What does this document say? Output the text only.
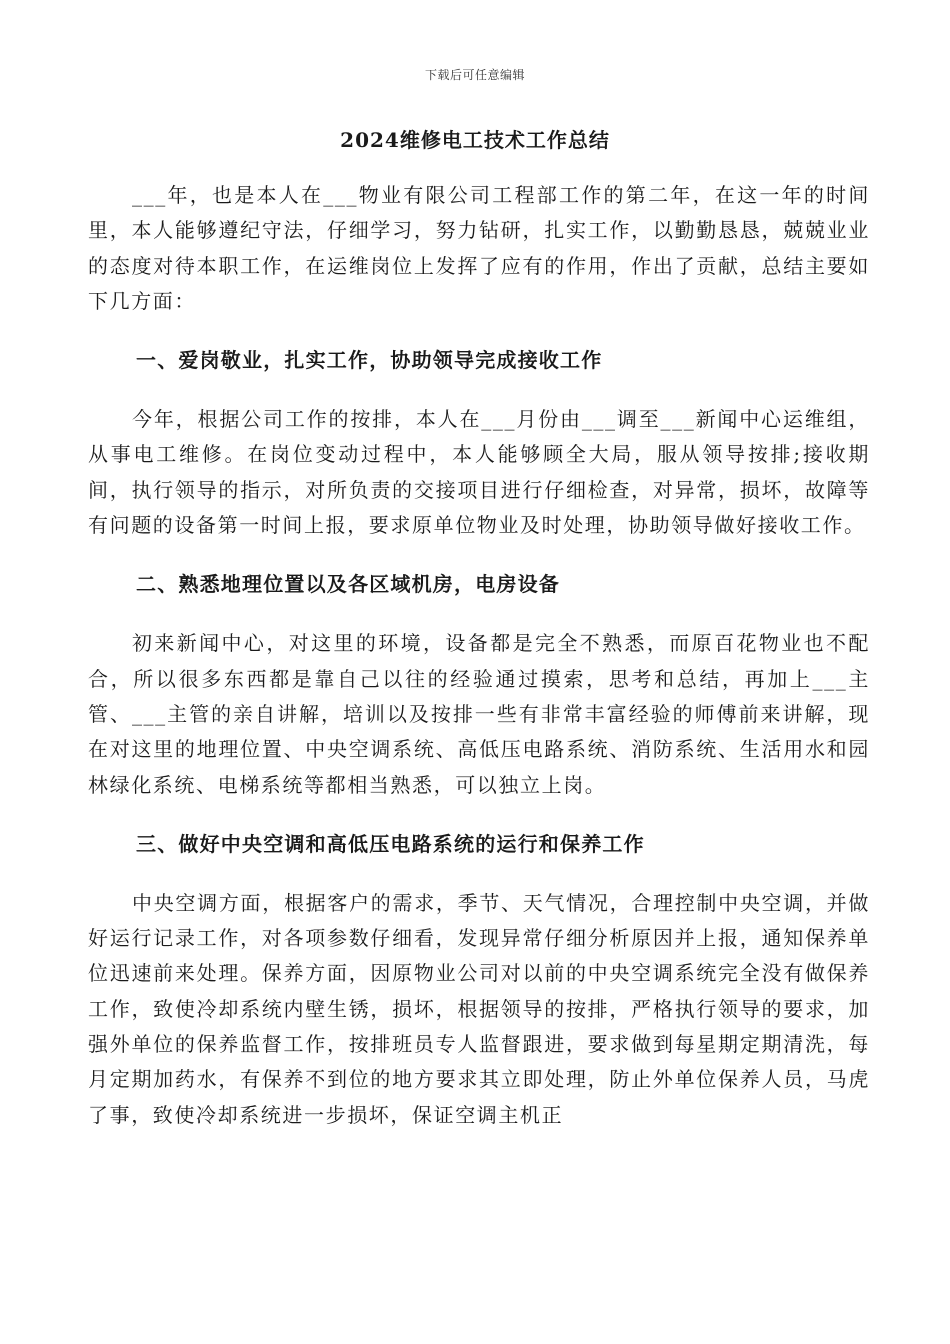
下载后可任意编辑
2024维修电工技术工作总结

___年，也是本人在___物业有限公司工程部工作的第二年，在这一年的时间里，本人能够遵纪守法，仔细学习，努力钻研，扎实工作，以勤勤恳恳，兢兢业业的态度对待本职工作，在运维岗位上发挥了应有的作用，作出了贡献，总结主要如下几方面：

一、爱岗敬业，扎实工作，协助领导完成接收工作

今年，根据公司工作的按排，本人在___月份由___调至___新闻中心运维组，从事电工维修。在岗位变动过程中，本人能够顾全大局，服从领导按排;接收期间，执行领导的指示，对所负责的交接项目进行仔细检查，对异常，损坏，故障等有问题的设备第一时间上报，要求原单位物业及时处理，协助领导做好接收工作。

二、熟悉地理位置以及各区域机房，电房设备

初来新闻中心，对这里的环境，设备都是完全不熟悉，而原百花物业也不配合，所以很多东西都是靠自己以往的经验通过摸索，思考和总结，再加上___主管、___主管的亲自讲解，培训以及按排一些有非常丰富经验的师傅前来讲解，现在对这里的地理位置、中央空调系统、高低压电路系统、消防系统、生活用水和园林绿化系统、电梯系统等都相当熟悉，可以独立上岗。

三、做好中央空调和高低压电路系统的运行和保养工作

中央空调方面，根据客户的需求，季节、天气情况，合理控制中央空调，并做好运行记录工作，对各项参数仔细看，发现异常仔细分析原因并上报，通知保养单位迅速前来处理。保养方面，因原物业公司对以前的中央空调系统完全没有做保养工作，致使冷却系统内壁生锈，损坏，根据领导的按排，严格执行领导的要求，加强外单位的保养监督工作，按排班员专人监督跟进，要求做到每星期定期清洗，每月定期加药水，有保养不到位的地方要求其立即处理，防止外单位保养人员，马虎了事，致使冷却系统进一步损坏，保证空调主机正
